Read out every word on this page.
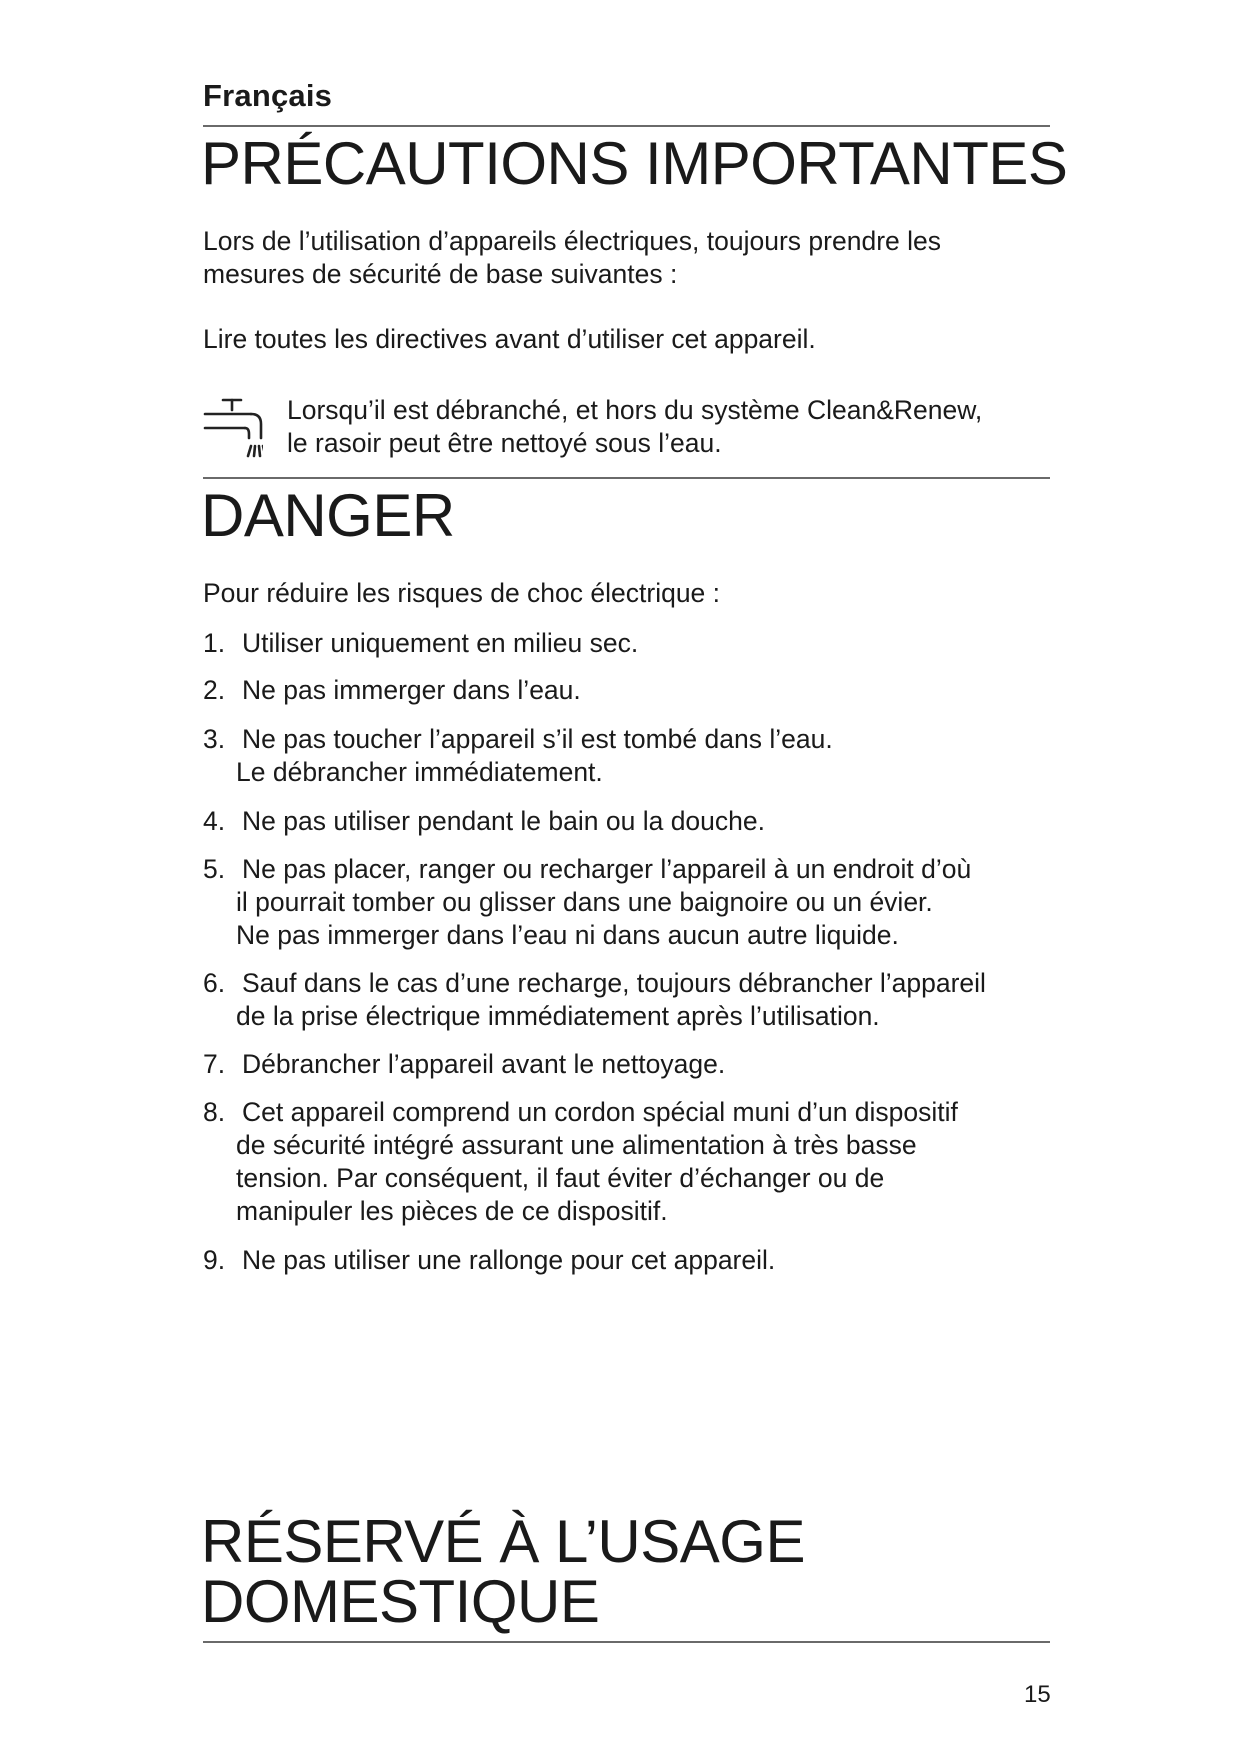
Français
PRÉCAUTIONS IMPORTANTES
Lors de l’utilisation d’appareils électriques, toujours prendre les
mesures de sécurité de base suivantes :
Lire toutes les directives avant d’utiliser cet appareil.
Lorsqu’il est débranché, et hors du système Clean&Renew,
le rasoir peut être nettoyé sous l’eau.
DANGER
Pour réduire les risques de choc électrique :
1. Utiliser uniquement en milieu sec.
2. Ne pas immerger dans l’eau.
3. Ne pas toucher l’appareil s’il est tombé dans l’eau.
Le débrancher immédiatement.
4. Ne pas utiliser pendant le bain ou la douche.
5. Ne pas placer, ranger ou recharger l’appareil à un endroit d’où
il pourrait tomber ou glisser dans une baignoire ou un évier.
Ne pas immerger dans l’eau ni dans aucun autre liquide.
6. Sauf dans le cas d’une recharge, toujours débrancher l’appareil
de la prise électrique immédiatement après l’utilisation.
7. Débrancher l’appareil avant le nettoyage.
8. Cet appareil comprend un cordon spécial muni d’un dispositif
de sécurité intégré assurant une alimentation à très basse
tension. Par conséquent, il faut éviter d’échanger ou de
manipuler les pièces de ce dispositif.
9. Ne pas utiliser une rallonge pour cet appareil.
RÉSERVÉ À L’USAGE
DOMESTIQUE
15
